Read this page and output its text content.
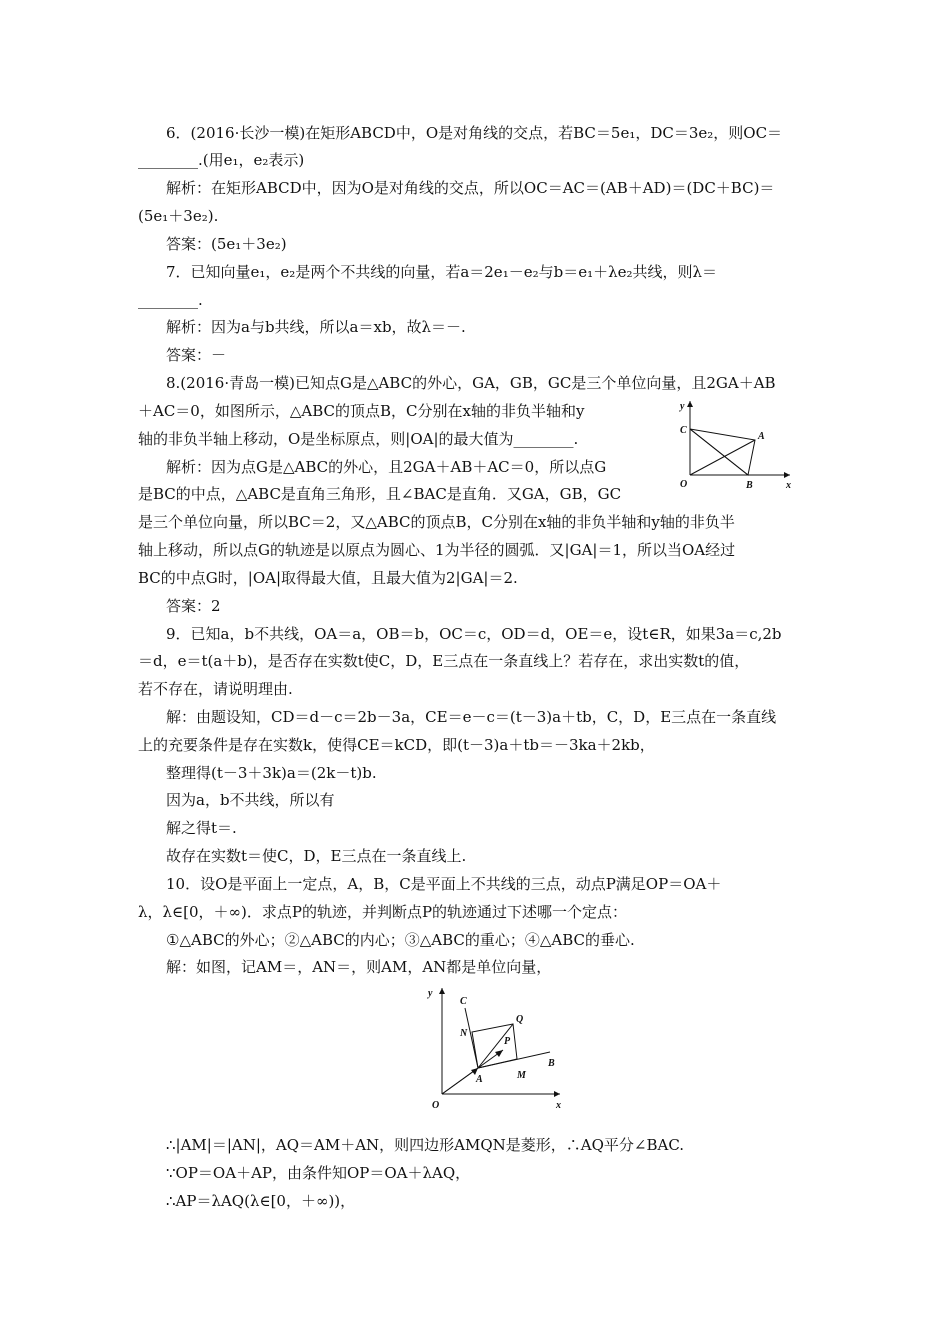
6．(2016·长沙一模)在矩形ABCD中，O是对角线的交点，若BC＝5e₁，DC＝3e₂，则OC＝
________.(用e₁，e₂表示)
解析：在矩形ABCD中，因为O是对角线的交点，所以OC＝AC＝(AB＋AD)＝(DC＋BC)＝
(5e₁＋3e₂).
答案：(5e₁＋3e₂)
7．已知向量e₁，e₂是两个不共线的向量，若a＝2e₁－e₂与b＝e₁＋λe₂共线，则λ＝
________.
解析：因为a与b共线，所以a＝xb，故λ＝－.
答案：－
8.(2016·青岛一模)已知点G是△ABC的外心，GA，GB，GC是三个单位向量，且2GA＋AB
＋AC＝0，如图所示，△ABC的顶点B，C分别在x轴的非负半轴和y
轴的非负半轴上移动，O是坐标原点，则|OA|的最大值为________.
解析：因为点G是△ABC的外心，且2GA＋AB＋AC＝0，所以点G
是BC的中点，△ABC是直角三角形，且∠BAC是直角．又GA，GB，GC
是三个单位向量，所以BC＝2，又△ABC的顶点B，C分别在x轴的非负半轴和y轴的非负半
轴上移动，所以点G的轨迹是以原点为圆心、1为半径的圆弧．又|GA|＝1，所以当OA经过
BC的中点G时，|OA|取得最大值，且最大值为2|GA|＝2.
答案：2
9．已知a，b不共线，OA＝a，OB＝b，OC＝c，OD＝d，OE＝e，设t∈R，如果3a＝c,2b
＝d，e＝t(a＋b)，是否存在实数t使C，D，E三点在一条直线上？若存在，求出实数t的值，
若不存在，请说明理由.
解：由题设知，CD＝d－c＝2b－3a，CE＝e－c＝(t－3)a＋tb，C，D，E三点在一条直线
上的充要条件是存在实数k，使得CE＝kCD，即(t－3)a＋tb＝－3ka＋2kb，
整理得(t－3＋3k)a＝(2k－t)b.
因为a，b不共线，所以有
解之得t＝.
故存在实数t＝使C，D，E三点在一条直线上.
10．设O是平面上一定点，A，B，C是平面上不共线的三点，动点P满足OP＝OA＋
λ，λ∈[0，＋∞)．求点P的轨迹，并判断点P的轨迹通过下述哪一个定点：
①△ABC的外心；②△ABC的内心；③△ABC的重心；④△ABC的垂心.
解：如图，记AM＝，AN＝，则AM，AN都是单位向量，
∴|AM|＝|AN|，AQ＝AM＋AN，则四边形AMQN是菱形，∴AQ平分∠BAC.
∵OP＝OA＋AP，由条件知OP＝OA＋λAQ，
∴AP＝λAQ(λ∈[0，＋∞))，
y
C
A
O	B	x
y
C
N
Q
P
A	M
B
O	x
